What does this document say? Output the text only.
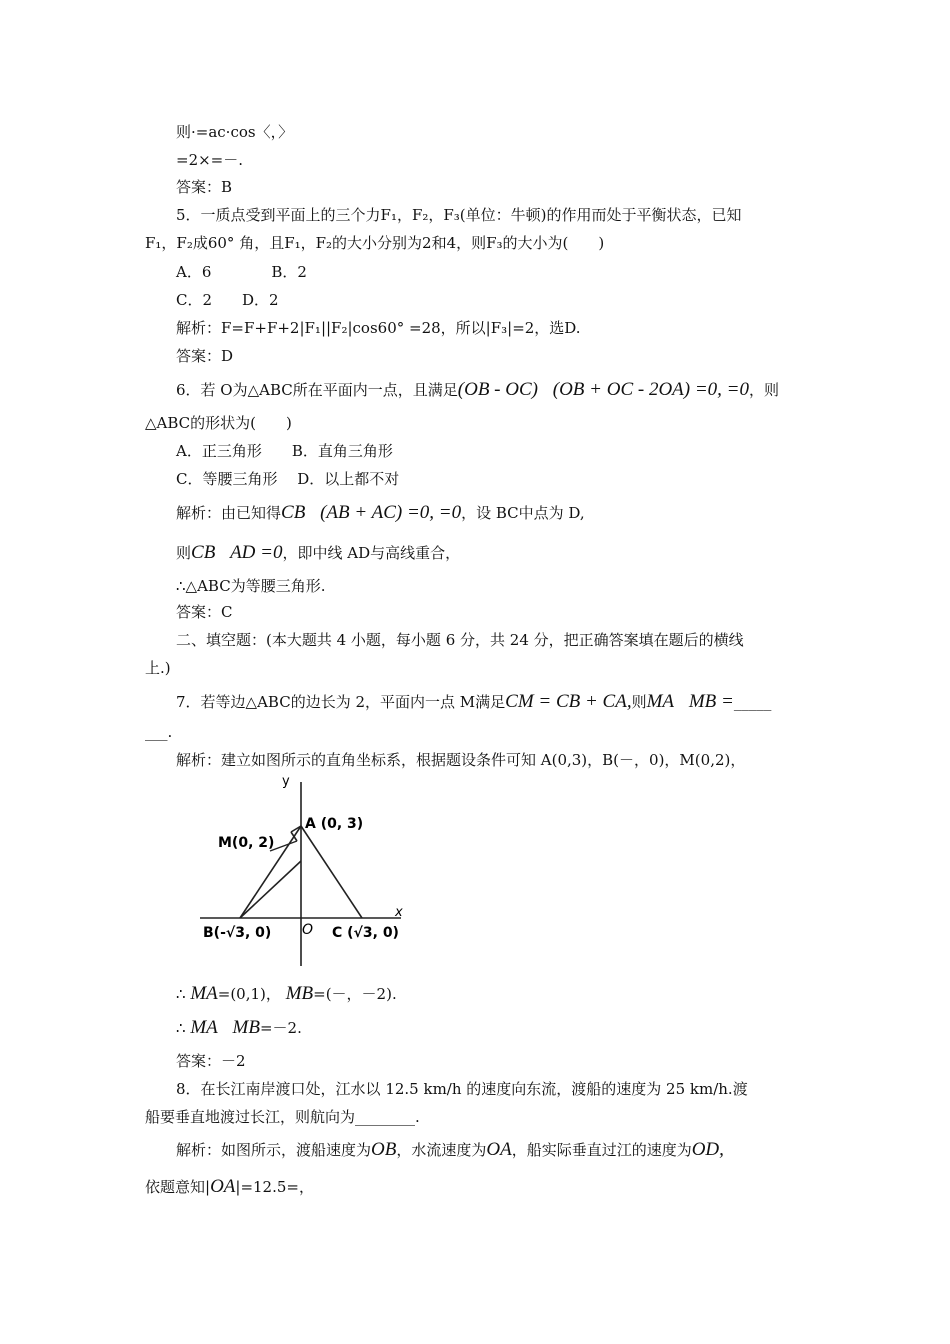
则·=ac·cos〈，〉
=2×=－.
答案：B
5．一质点受到平面上的三个力F₁，F₂，F₃(单位：牛顿)的作用而处于平衡状态，已知
F₁，F₂成60° 角，且F₁，F₂的大小分别为2和4，则F₃的大小为(　　)
A．6　　　　B．2
C．2　　D．2
解析：F=F+F+2|F₁||F₂|cos60° =28，所以|F₃|=2，选D.
答案：D
6．若 O为△ABC所在平面内一点，且满足(OB - OC)⃞(OB + OC - 2OA) =0, =0，则
△ABC的形状为(　　)
A．正三角形　　B．直角三角形
C．等腰三角形　 D．以上都不对
解析：由已知得CB⃞(AB + AC) =0, =0，设 BC中点为 D,
则CB⃞AD =0，即中线 AD与高线重合，
∴△ABC为等腰三角形.
答案：C
二、填空题：(本大题共 4 小题，每小题 6 分，共 24 分，把正确答案填在题后的横线
上.)
7．若等边△ABC的边长为 2，平面内一点 M满足CM = CB + CA,则MA⃞MB =_____
___.
解析：建立如图所示的直角坐标系，根据题设条件可知 A(0,3)，B(－，0)，M(0,2)，
y
x
A (0, 3)
M(0, 2)
B(-√3, 0)	C (√3, 0)
O
∴ MA=(0,1)， MB=(－，－2).
∴ MA⃞MB=－2.
答案：－2
8．在长江南岸渡口处，江水以 12.5 km/h 的速度向东流，渡船的速度为 25 km/h.渡
船要垂直地渡过长江，则航向为________.
解析：如图所示，渡船速度为OB，水流速度为OA，船实际垂直过江的速度为OD,
依题意知|OA|=12.5=，
